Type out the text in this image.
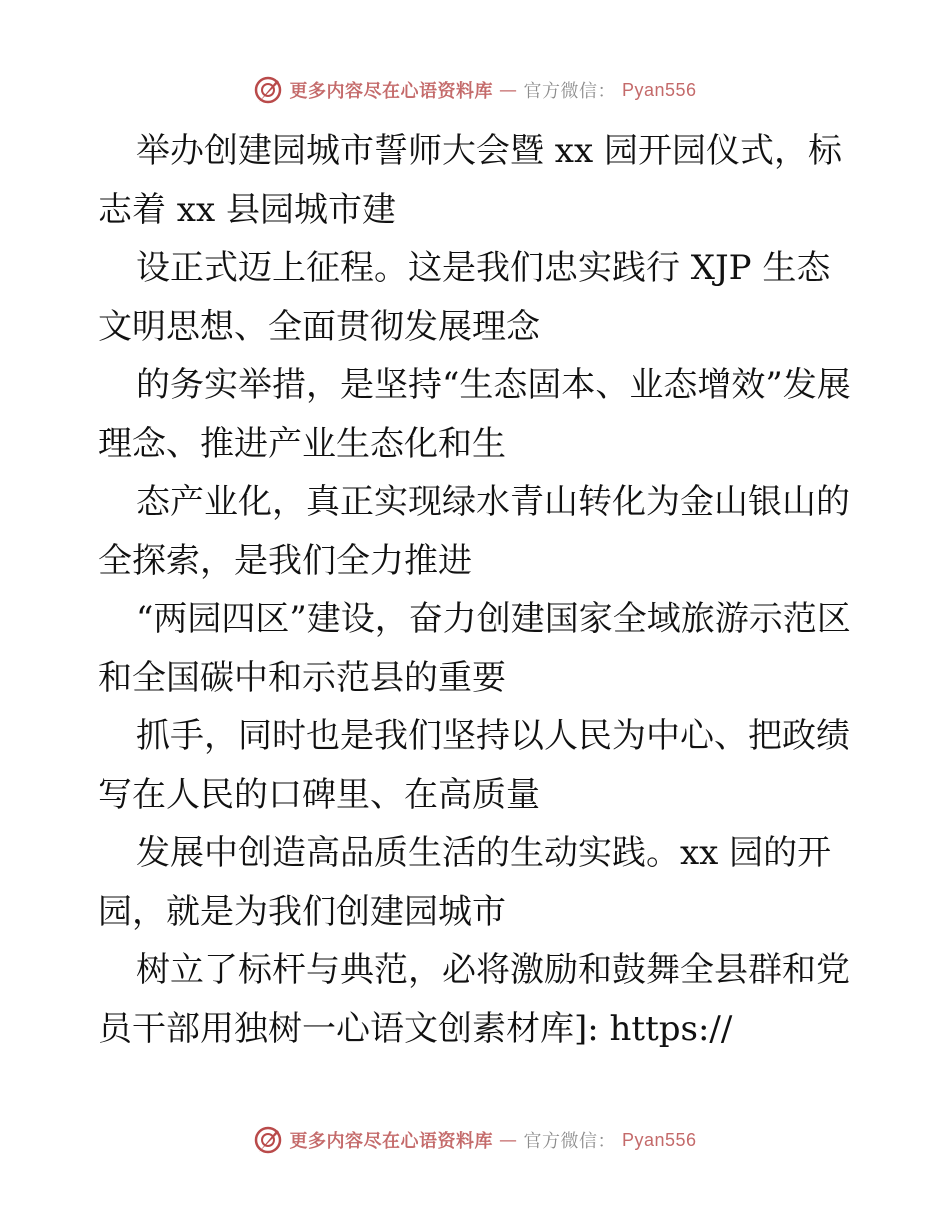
更多内容尽在心语资料库 — 官方微信： Pyan556

举办创建园城市誓师大会暨 xx 园开园仪式，标志着 xx 县园城市建

设正式迈上征程。这是我们忠实践行 XJP 生态文明思想、全面贯彻发展理念

的务实举措，是坚持“生态固本、业态增效”发展理念、推进产业生态化和生

态产业化，真正实现绿水青山转化为金山银山的全探索，是我们全力推进

“两园四区”建设，奋力创建国家全域旅游示范区和全国碳中和示范县的重要

抓手，同时也是我们坚持以人民为中心、把政绩写在人民的口碑里、在高质量

发展中创造高品质生活的生动实践。xx 园的开园，就是为我们创建园城市

树立了标杆与典范，必将激励和鼓舞全县群和党员干部用独树一心语文创素材库]: https://

更多内容尽在心语资料库 — 官方微信： Pyan556
